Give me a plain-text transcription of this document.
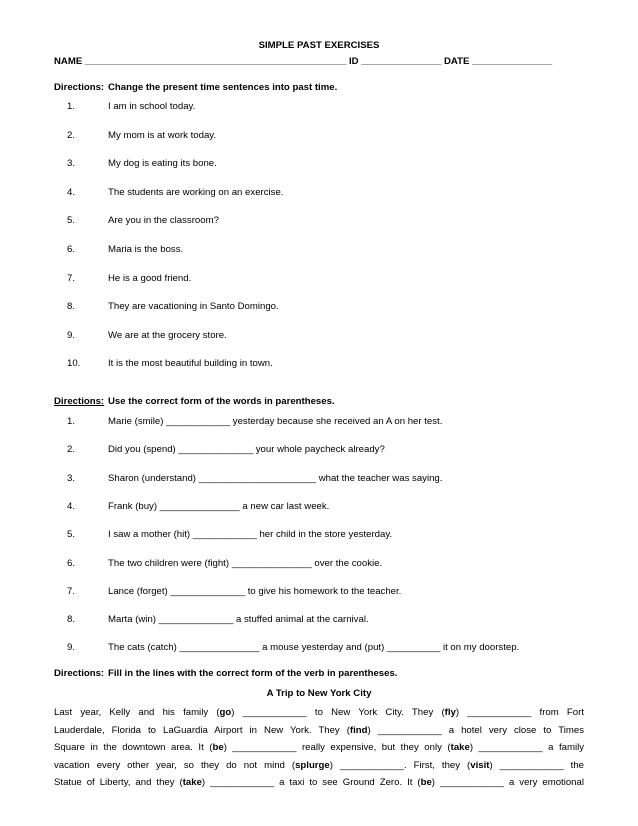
SIMPLE PAST EXERCISES
NAME _________________________________________________ ID _______________ DATE _______________
Directions: Change the present time sentences into past time.
1.	I am in school today.
2.	My mom is at work today.
3.	My dog is eating its bone.
4.	The students are working on an exercise.
5.	Are you in the classroom?
6.	Maria is the boss.
7.	He is a good friend.
8.	They are vacationing in Santo Domingo.
9.	We are at the grocery store.
10.	It is the most beautiful building in town.
Directions: Use the correct form of the words in parentheses.
1.	Marie (smile) ____________ yesterday because she received an A on her test.
2.	Did you (spend) ______________ your whole paycheck already?
3.	Sharon (understand) ______________________ what the teacher was saying.
4.	Frank (buy) _______________ a new car last week.
5.	I saw a mother (hit) ____________ her child in the store yesterday.
6.	The two children were (fight) _______________ over the cookie.
7.	Lance (forget) ______________ to give his homework to the teacher.
8.	Marta (win) ______________ a stuffed animal at the carnival.
9.	The cats (catch) _______________ a mouse yesterday and (put) __________ it on my doorstep.
Directions: Fill in the lines with the correct form of the verb in parentheses.
A Trip to New York City
Last year, Kelly and his family (go) ____________ to New York City. They (fly) ____________ from Fort
Lauderdale, Florida to LaGuardia Airport in New York. They (find) ____________ a hotel very close to Times
Square in the downtown area. It (be) ____________ really expensive, but they only (take) ____________ a family
vacation every other year, so they do not mind (splurge) ____________. First, they (visit) ____________ the
Statue of Liberty, and they (take) ____________ a taxi to see Ground Zero. It (be) ____________ a very emotional
